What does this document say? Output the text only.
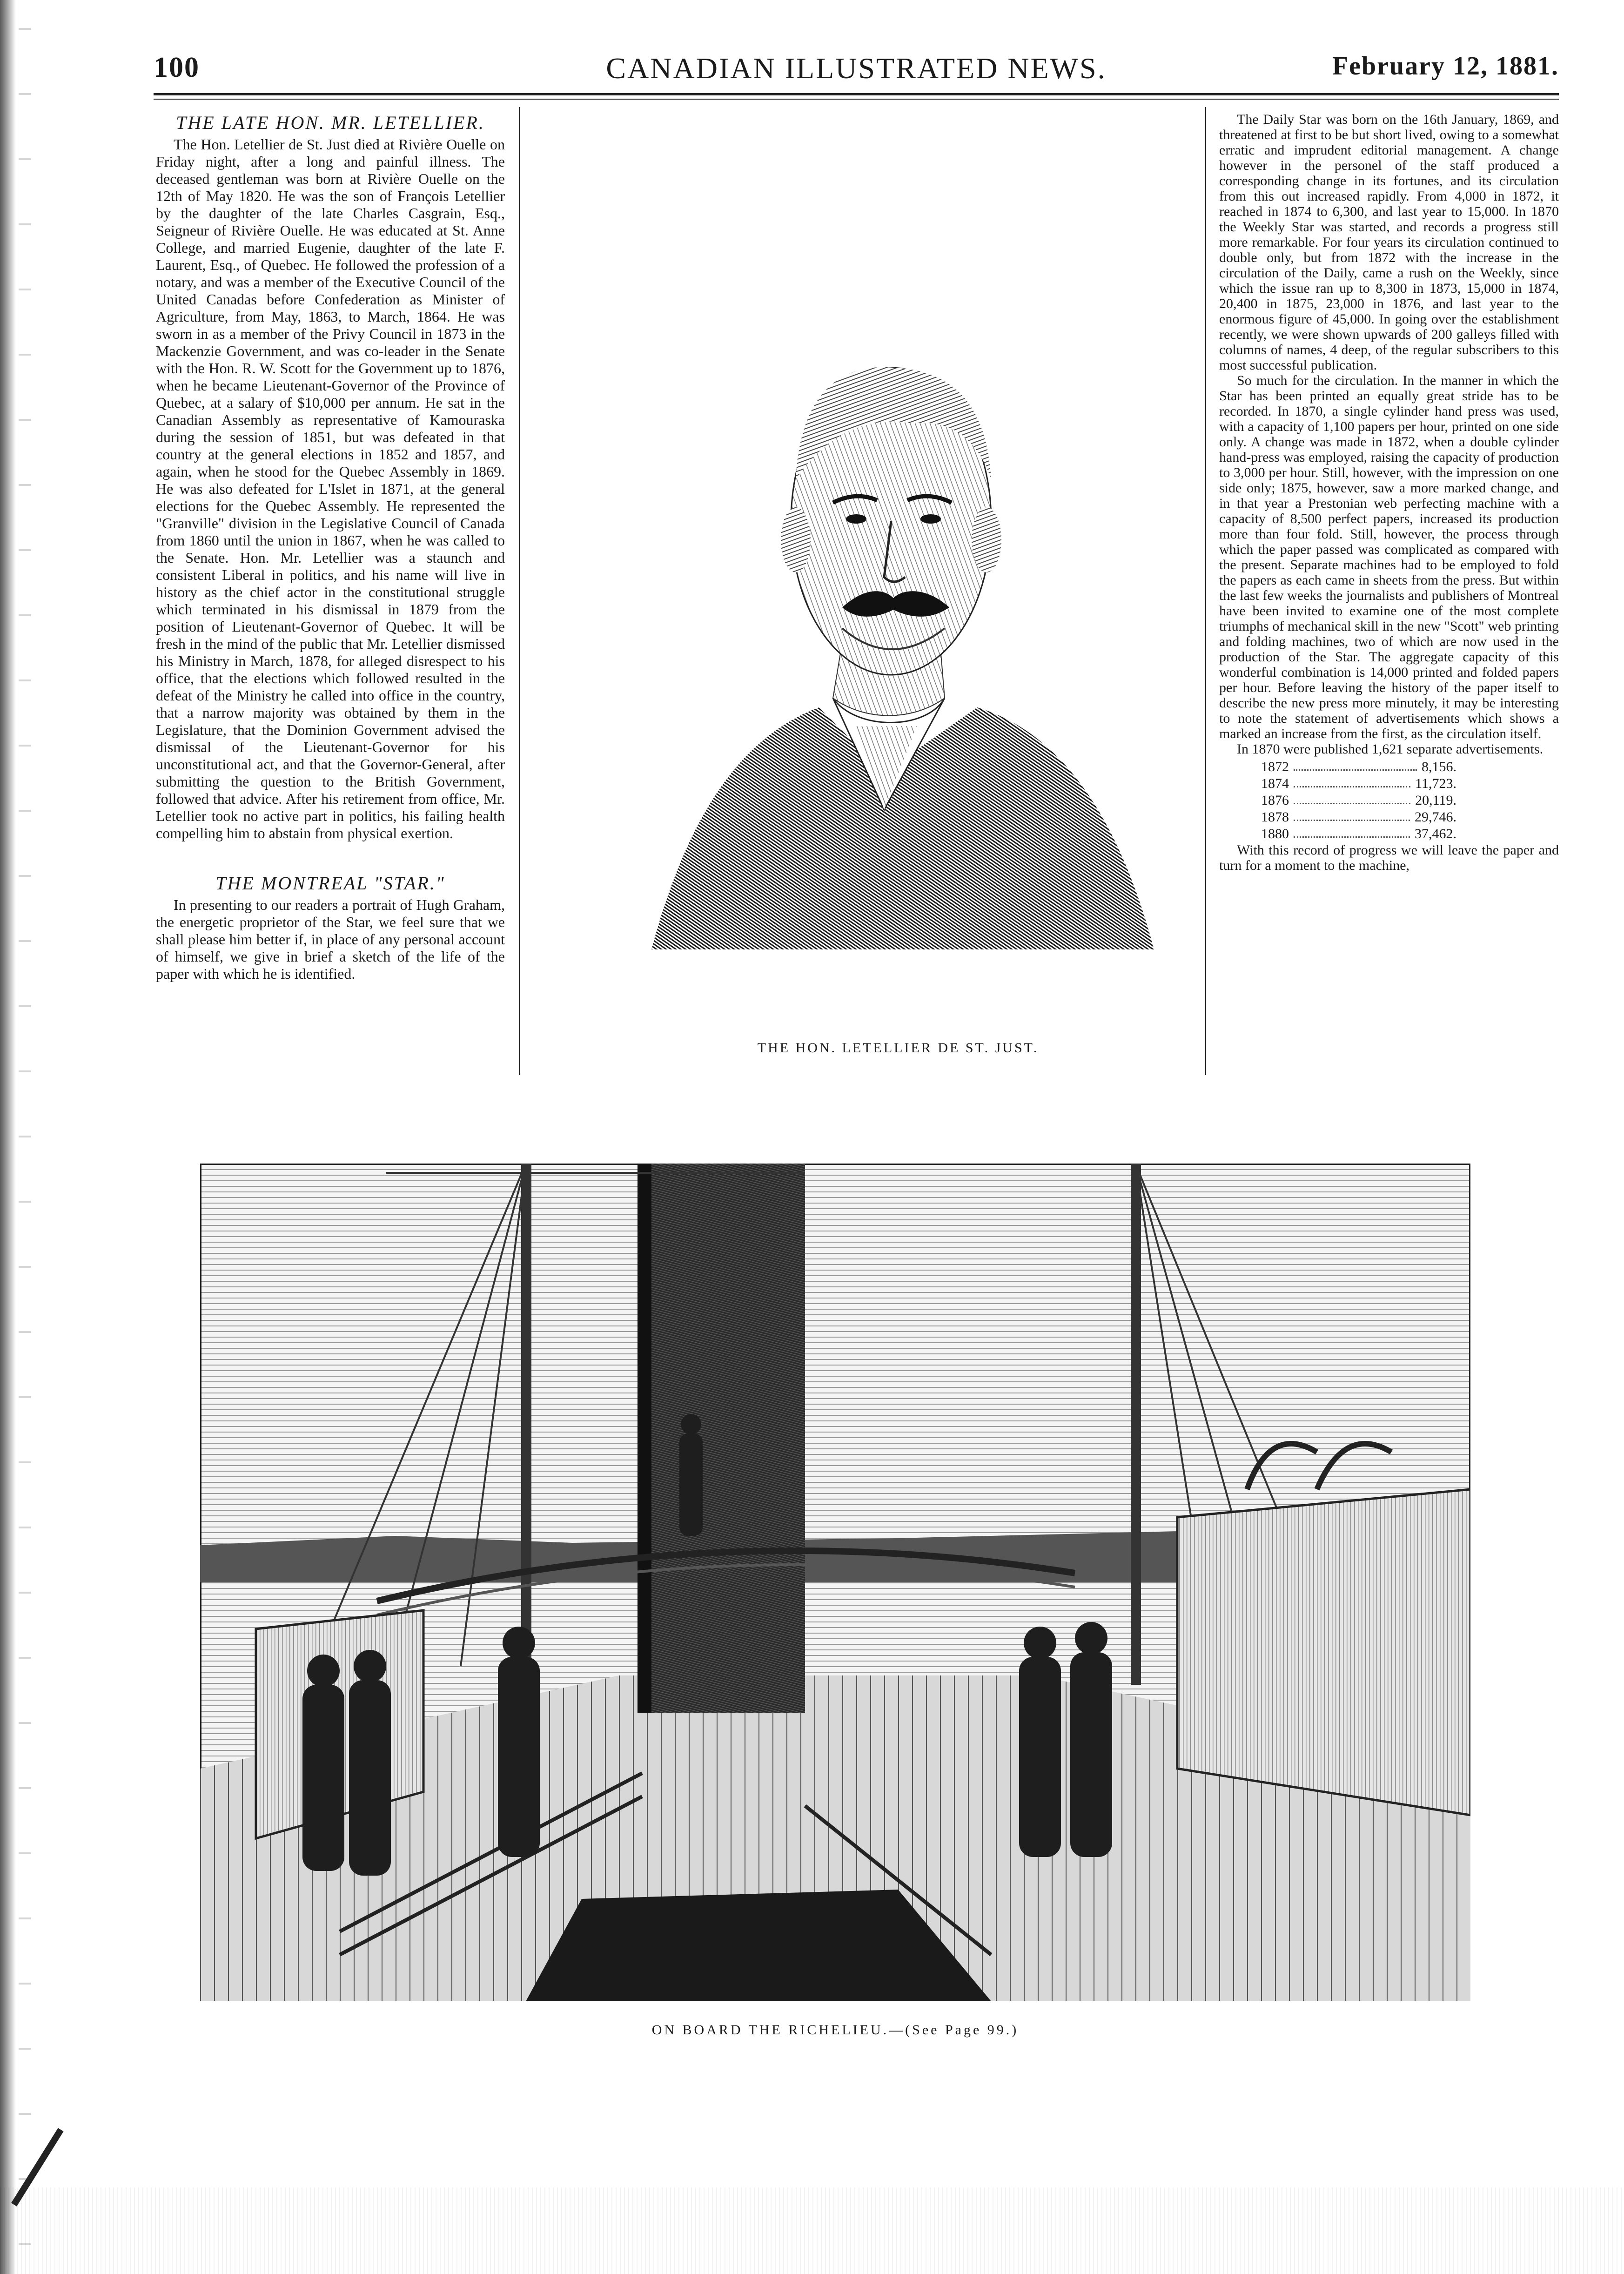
100	CANADIAN ILLUSTRATED NEWS.	February 12, 1881.
THE LATE HON. MR. LETELLIER.

The Hon. Letellier de St. Just died at Rivière Ouelle on Friday night, after a long and painful illness. The deceased gentleman was born at Rivière Ouelle on the 12th of May 1820. He was the son of François Letellier by the daughter of the late Charles Casgrain, Esq., Seigneur of Rivière Ouelle. He was educated at St. Anne College, and married Eugenie, daughter of the late F. Laurent, Esq., of Quebec. He followed the profession of a notary, and was a member of the Executive Council of the United Canadas before Confederation as Minister of Agriculture, from May, 1863, to March, 1864. He was sworn in as a member of the Privy Council in 1873 in the Mackenzie Government, and was co-leader in the Senate with the Hon. R. W. Scott for the Government up to 1876, when he became Lieutenant-Governor of the Province of Quebec, at a salary of $10,000 per annum. He sat in the Canadian Assembly as representative of Kamouraska during the session of 1851, but was defeated in that country at the general elections in 1852 and 1857, and again, when he stood for the Quebec Assembly in 1869. He was also defeated for L'Islet in 1871, at the general elections for the Quebec Assembly. He represented the "Granville" division in the Legislative Council of Canada from 1860 until the union in 1867, when he was called to the Senate. Hon. Mr. Letellier was a staunch and consistent Liberal in politics, and his name will live in history as the chief actor in the constitutional struggle which terminated in his dismissal in 1879 from the position of Lieutenant-Governor of Quebec. It will be fresh in the mind of the public that Mr. Letellier dismissed his Ministry in March, 1878, for alleged disrespect to his office, that the elections which followed resulted in the defeat of the Ministry he called into office in the country, that a narrow majority was obtained by them in the Legislature, that the Dominion Government advised the dismissal of the Lieutenant-Governor for his unconstitutional act, and that the Governor-General, after submitting the question to the British Government, followed that advice. After his retirement from office, Mr. Letellier took no active part in politics, his failing health compelling him to abstain from physical exertion.

THE MONTREAL "STAR."

In presenting to our readers a portrait of Hugh Graham, the energetic proprietor of the Star, we feel sure that we shall please him better if, in place of any personal account of himself, we give in brief a sketch of the life of the paper with which he is identified.

THE HON. LETELLIER DE ST. JUST.

The Daily Star was born on the 16th January, 1869, and threatened at first to be but short lived, owing to a somewhat erratic and imprudent editorial management. A change however in the personel of the staff produced a corresponding change in its fortunes, and its circulation from this out increased rapidly. From 4,000 in 1872, it reached in 1874 to 6,300, and last year to 15,000. In 1870 the Weekly Star was started, and records a progress still more remarkable. For four years its circulation continued to double only, but from 1872 with the increase in the circulation of the Daily, came a rush on the Weekly, since which the issue ran up to 8,300 in 1873, 15,000 in 1874, 20,400 in 1875, 23,000 in 1876, and last year to the enormous figure of 45,000. In going over the establishment recently, we were shown upwards of 200 galleys filled with columns of names, 4 deep, of the regular subscribers to this most successful publication.

So much for the circulation. In the manner in which the Star has been printed an equally great stride has to be recorded. In 1870, a single cylinder hand press was used, with a capacity of 1,100 papers per hour, printed on one side only. A change was made in 1872, when a double cylinder hand-press was employed, raising the capacity of production to 3,000 per hour. Still, however, with the impression on one side only; 1875, however, saw a more marked change, and in that year a Prestonian web perfecting machine with a capacity of 8,500 perfect papers, increased its production more than four fold. Still, however, the process through which the paper passed was complicated as compared with the present. Separate machines had to be employed to fold the papers as each came in sheets from the press. But within the last few weeks the journalists and publishers of Montreal have been invited to examine one of the most complete triumphs of mechanical skill in the new "Scott" web printing and folding machines, two of which are now used in the production of the Star. The aggregate capacity of this wonderful combination is 14,000 printed and folded papers per hour. Before leaving the history of the paper itself to describe the new press more minutely, it may be interesting to note the statement of advertisements which shows a marked an increase from the first, as the circulation itself.

In 1870 were published 1,621 separate advertisements.

1872	8,156.
1874	11,723.
1876	20,119.
1878	29,746.
1880	37,462.

With this record of progress we will leave the paper and turn for a moment to the machine,

ON BOARD THE RICHELIEU.—(See Page 99.)
